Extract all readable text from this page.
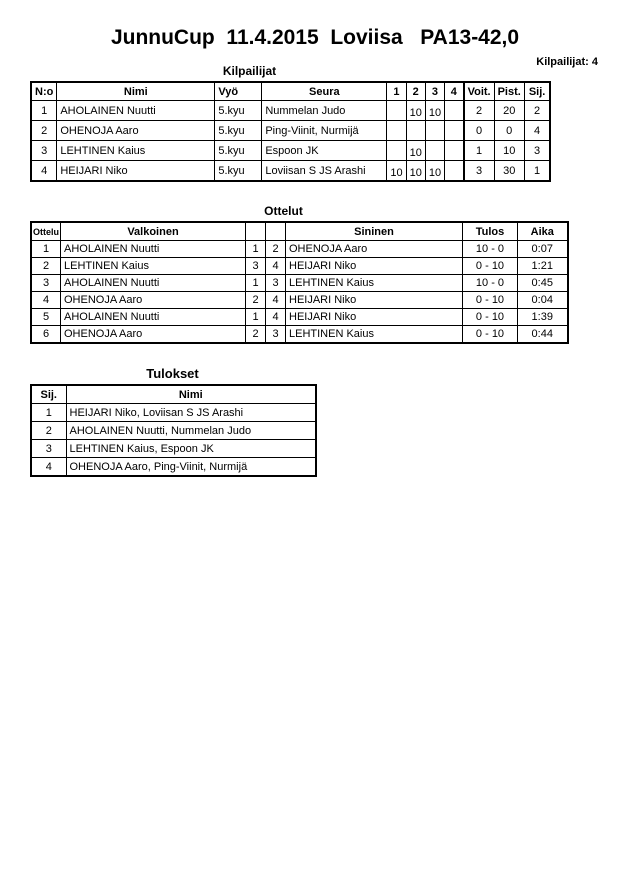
JunnuCup  11.4.2015  Loviisa   PA13-42,0
Kilpailijat: 4
Kilpailijat
N:o	Nimi	Vyö	Seura	1	2	3	4	Voit.	Pist.	Sij.
1	AHOLAINEN Nuutti	5.kyu	Nummelan Judo		10	10		2	20	2
2	OHENOJA Aaro	5.kyu	Ping-Viinit, Nurmijä					0	0	4
3	LEHTINEN Kaius	5.kyu	Espoon JK		10			1	10	3
4	HEIJARI Niko	5.kyu	Loviisan S JS Arashi	10	10	10		3	30	1
Ottelut
Ottelu	Valkoinen			Sininen	Tulos	Aika
1	AHOLAINEN Nuutti	1	2	OHENOJA Aaro	10 - 0	0:07
2	LEHTINEN Kaius	3	4	HEIJARI Niko	0 - 10	1:21
3	AHOLAINEN Nuutti	1	3	LEHTINEN Kaius	10 - 0	0:45
4	OHENOJA Aaro	2	4	HEIJARI Niko	0 - 10	0:04
5	AHOLAINEN Nuutti	1	4	HEIJARI Niko	0 - 10	1:39
6	OHENOJA Aaro	2	3	LEHTINEN Kaius	0 - 10	0:44
Tulokset
Sij.	Nimi
1	HEIJARI Niko, Loviisan S JS Arashi
2	AHOLAINEN Nuutti, Nummelan Judo
3	LEHTINEN Kaius, Espoon JK
4	OHENOJA Aaro, Ping-Viinit, Nurmijä
